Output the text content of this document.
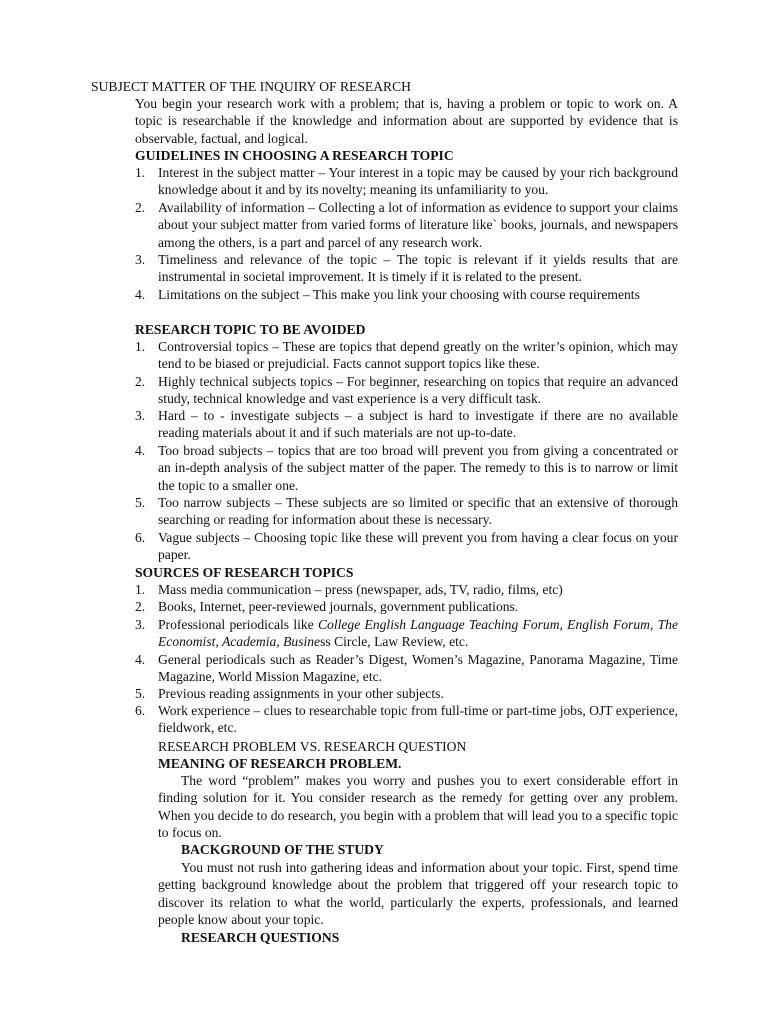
SUBJECT MATTER OF THE INQUIRY OF RESEARCH
You begin your research work with a problem; that is, having a problem or topic to work on. A topic is researchable if the knowledge and information about are supported by evidence that is observable, factual, and logical.
GUIDELINES IN CHOOSING A RESEARCH TOPIC
1. Interest in the subject matter – Your interest in a topic may be caused by your rich background knowledge about it and by its novelty; meaning its unfamiliarity to you.
2. Availability of information – Collecting a lot of information as evidence to support your claims about your subject matter from varied forms of literature like` books, journals, and newspapers among the others, is a part and parcel of any research work.
3. Timeliness and relevance of the topic – The topic is relevant if it yields results that are instrumental in societal improvement. It is timely if it is related to the present.
4. Limitations on the subject – This make you link your choosing with course requirements
RESEARCH TOPIC TO BE AVOIDED
1. Controversial topics – These are topics that depend greatly on the writer’s opinion, which may tend to be biased or prejudicial. Facts cannot support topics like these.
2. Highly technical subjects topics – For beginner, researching on topics that require an advanced study, technical knowledge and vast experience is a very difficult task.
3. Hard – to - investigate subjects – a subject is hard to investigate if there are no available reading materials about it and if such materials are not up-to-date.
4. Too broad subjects – topics that are too broad will prevent you from giving a concentrated or an in-depth analysis of the subject matter of the paper. The remedy to this is to narrow or limit the topic to a smaller one.
5. Too narrow subjects – These subjects are so limited or specific that an extensive of thorough searching or reading for information about these is necessary.
6. Vague subjects – Choosing topic like these will prevent you from having a clear focus on your paper.
SOURCES OF RESEARCH TOPICS
1. Mass media communication – press (newspaper, ads, TV, radio, films, etc)
2. Books, Internet, peer-reviewed journals, government publications.
3. Professional periodicals like College English Language Teaching Forum, English Forum, The Economist, Academia, Business Circle, Law Review, etc.
4. General periodicals such as Reader’s Digest, Women’s Magazine, Panorama Magazine, Time Magazine, World Mission Magazine, etc.
5. Previous reading assignments in your other subjects.
6. Work experience – clues to researchable topic from full-time or part-time jobs, OJT experience, fieldwork, etc.
RESEARCH PROBLEM VS. RESEARCH QUESTION
MEANING OF RESEARCH PROBLEM.
The word “problem” makes you worry and pushes you to exert considerable effort in finding solution for it. You consider research as the remedy for getting over any problem. When you decide to do research, you begin with a problem that will lead you to a specific topic to focus on.
BACKGROUND OF THE STUDY
You must not rush into gathering ideas and information about your topic. First, spend time getting background knowledge about the problem that triggered off your research topic to discover its relation to what the world, particularly the experts, professionals, and learned people know about your topic.
RESEARCH QUESTIONS
